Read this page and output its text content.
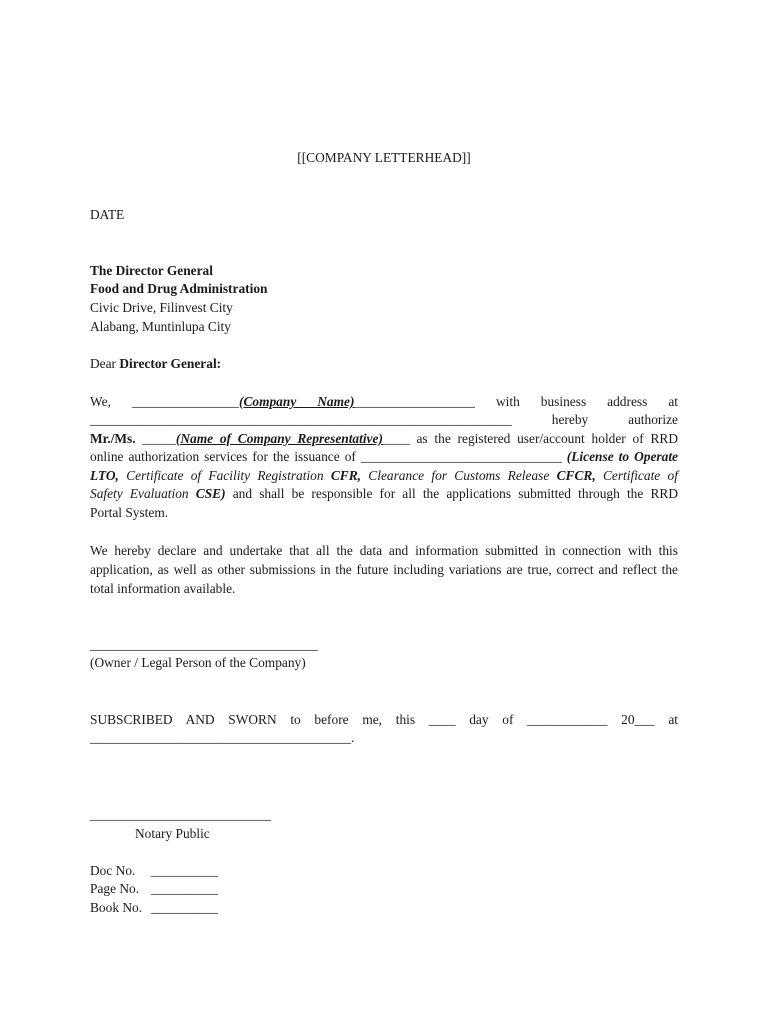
[[COMPANY LETTERHEAD]]
DATE
The Director General
Food and Drug Administration
Civic Drive, Filinvest City
Alabang, Muntinlupa City
Dear Director General:
We, ________________(Company Name)__________________ with business address at
_______________________________________________________________	hereby authorize
Mr./Ms. _____(Name of Company Representative)____ as the registered user/account holder of RRD
online authorization services for the issuance of ______________________________ (License to Operate
LTO, Certificate of Facility Registration CFR, Clearance for Customs Release CFCR, Certificate of
Safety Evaluation CSE) and shall be responsible for all the applications submitted through the RRD
Portal System.
We hereby declare and undertake that all the data and information submitted in connection with this
application, as well as other submissions in the future including variations are true, correct and reflect the
total information available.
__________________________________
(Owner / Legal Person of the Company)
SUBSCRIBED AND SWORN to before me, this ____ day of ____________ 20___ at
_______________________________________.
___________________________
Notary Public
Doc No. __________
Page No. __________
Book No. __________
